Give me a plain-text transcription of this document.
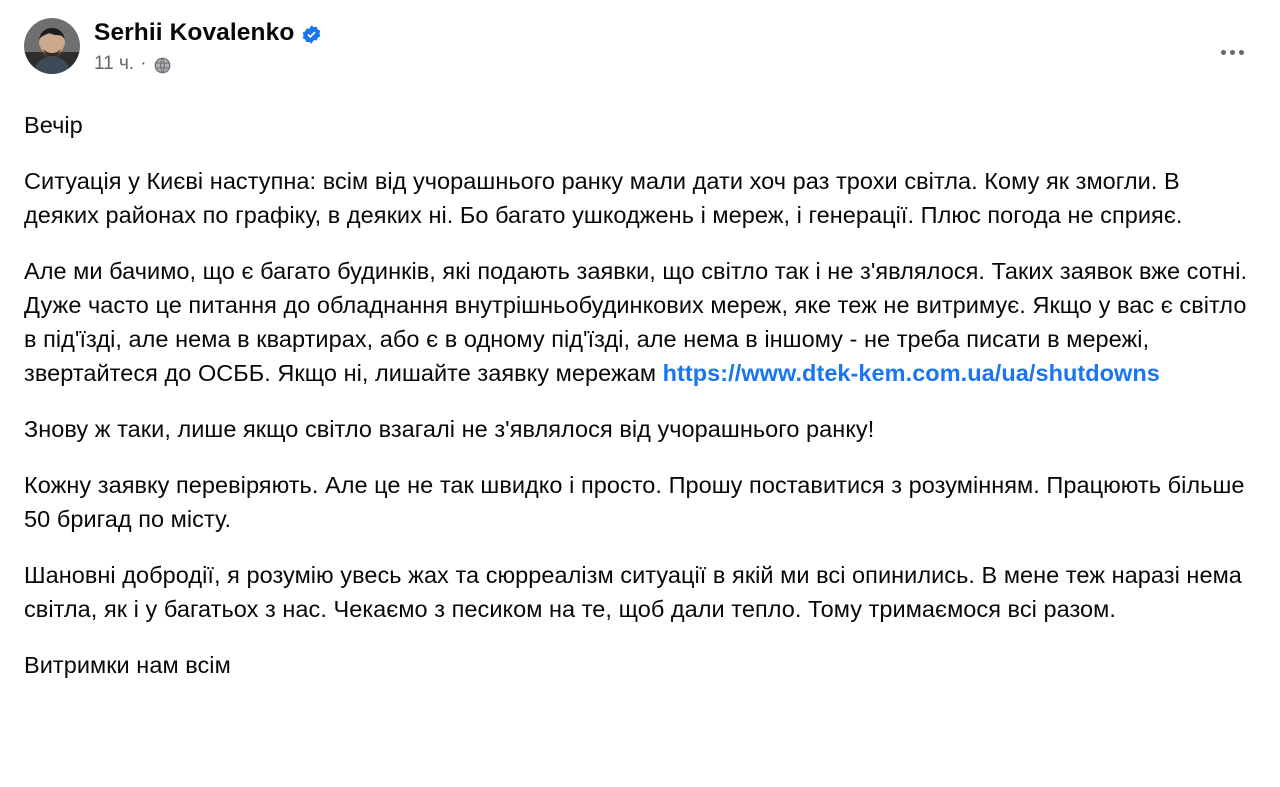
Serhii Kovalenko
11 ч. ·

Вечір

Ситуація у Києві наступна: всім від учорашнього ранку мали дати хоч раз трохи світла. Кому як змогли. В деяких районах по графіку, в деяких ні. Бо багато ушкоджень і мереж, і генерації. Плюс погода не сприяє.

Але ми бачимо, що є багато будинків, які подають заявки, що світло так і не з'являлося. Таких заявок вже сотні. Дуже часто це питання до обладнання внутрішньобудинкових мереж, яке теж не витримує. Якщо у вас є світло в під'їзді, але нема в квартирах, або є в одному під'їзді, але нема в іншому - не треба писати в мережі, звертайтеся до ОСББ. Якщо ні, лишайте заявку мережам https://www.dtek-kem.com.ua/ua/shutdowns

Знову ж таки, лише якщо світло взагалі не з'являлося від учорашнього ранку!

Кожну заявку перевіряють. Але це не так швидко і просто. Прошу поставитися з розумінням. Працюють більше 50 бригад по місту.

Шановні добродії, я розумію увесь жах та сюрреалізм ситуації в якій ми всі опинились. В мене теж наразі нема світла, як і у багатьох з нас. Чекаємо з песиком на те, щоб дали тепло. Тому тримаємося всі разом.

Витримки нам всім
